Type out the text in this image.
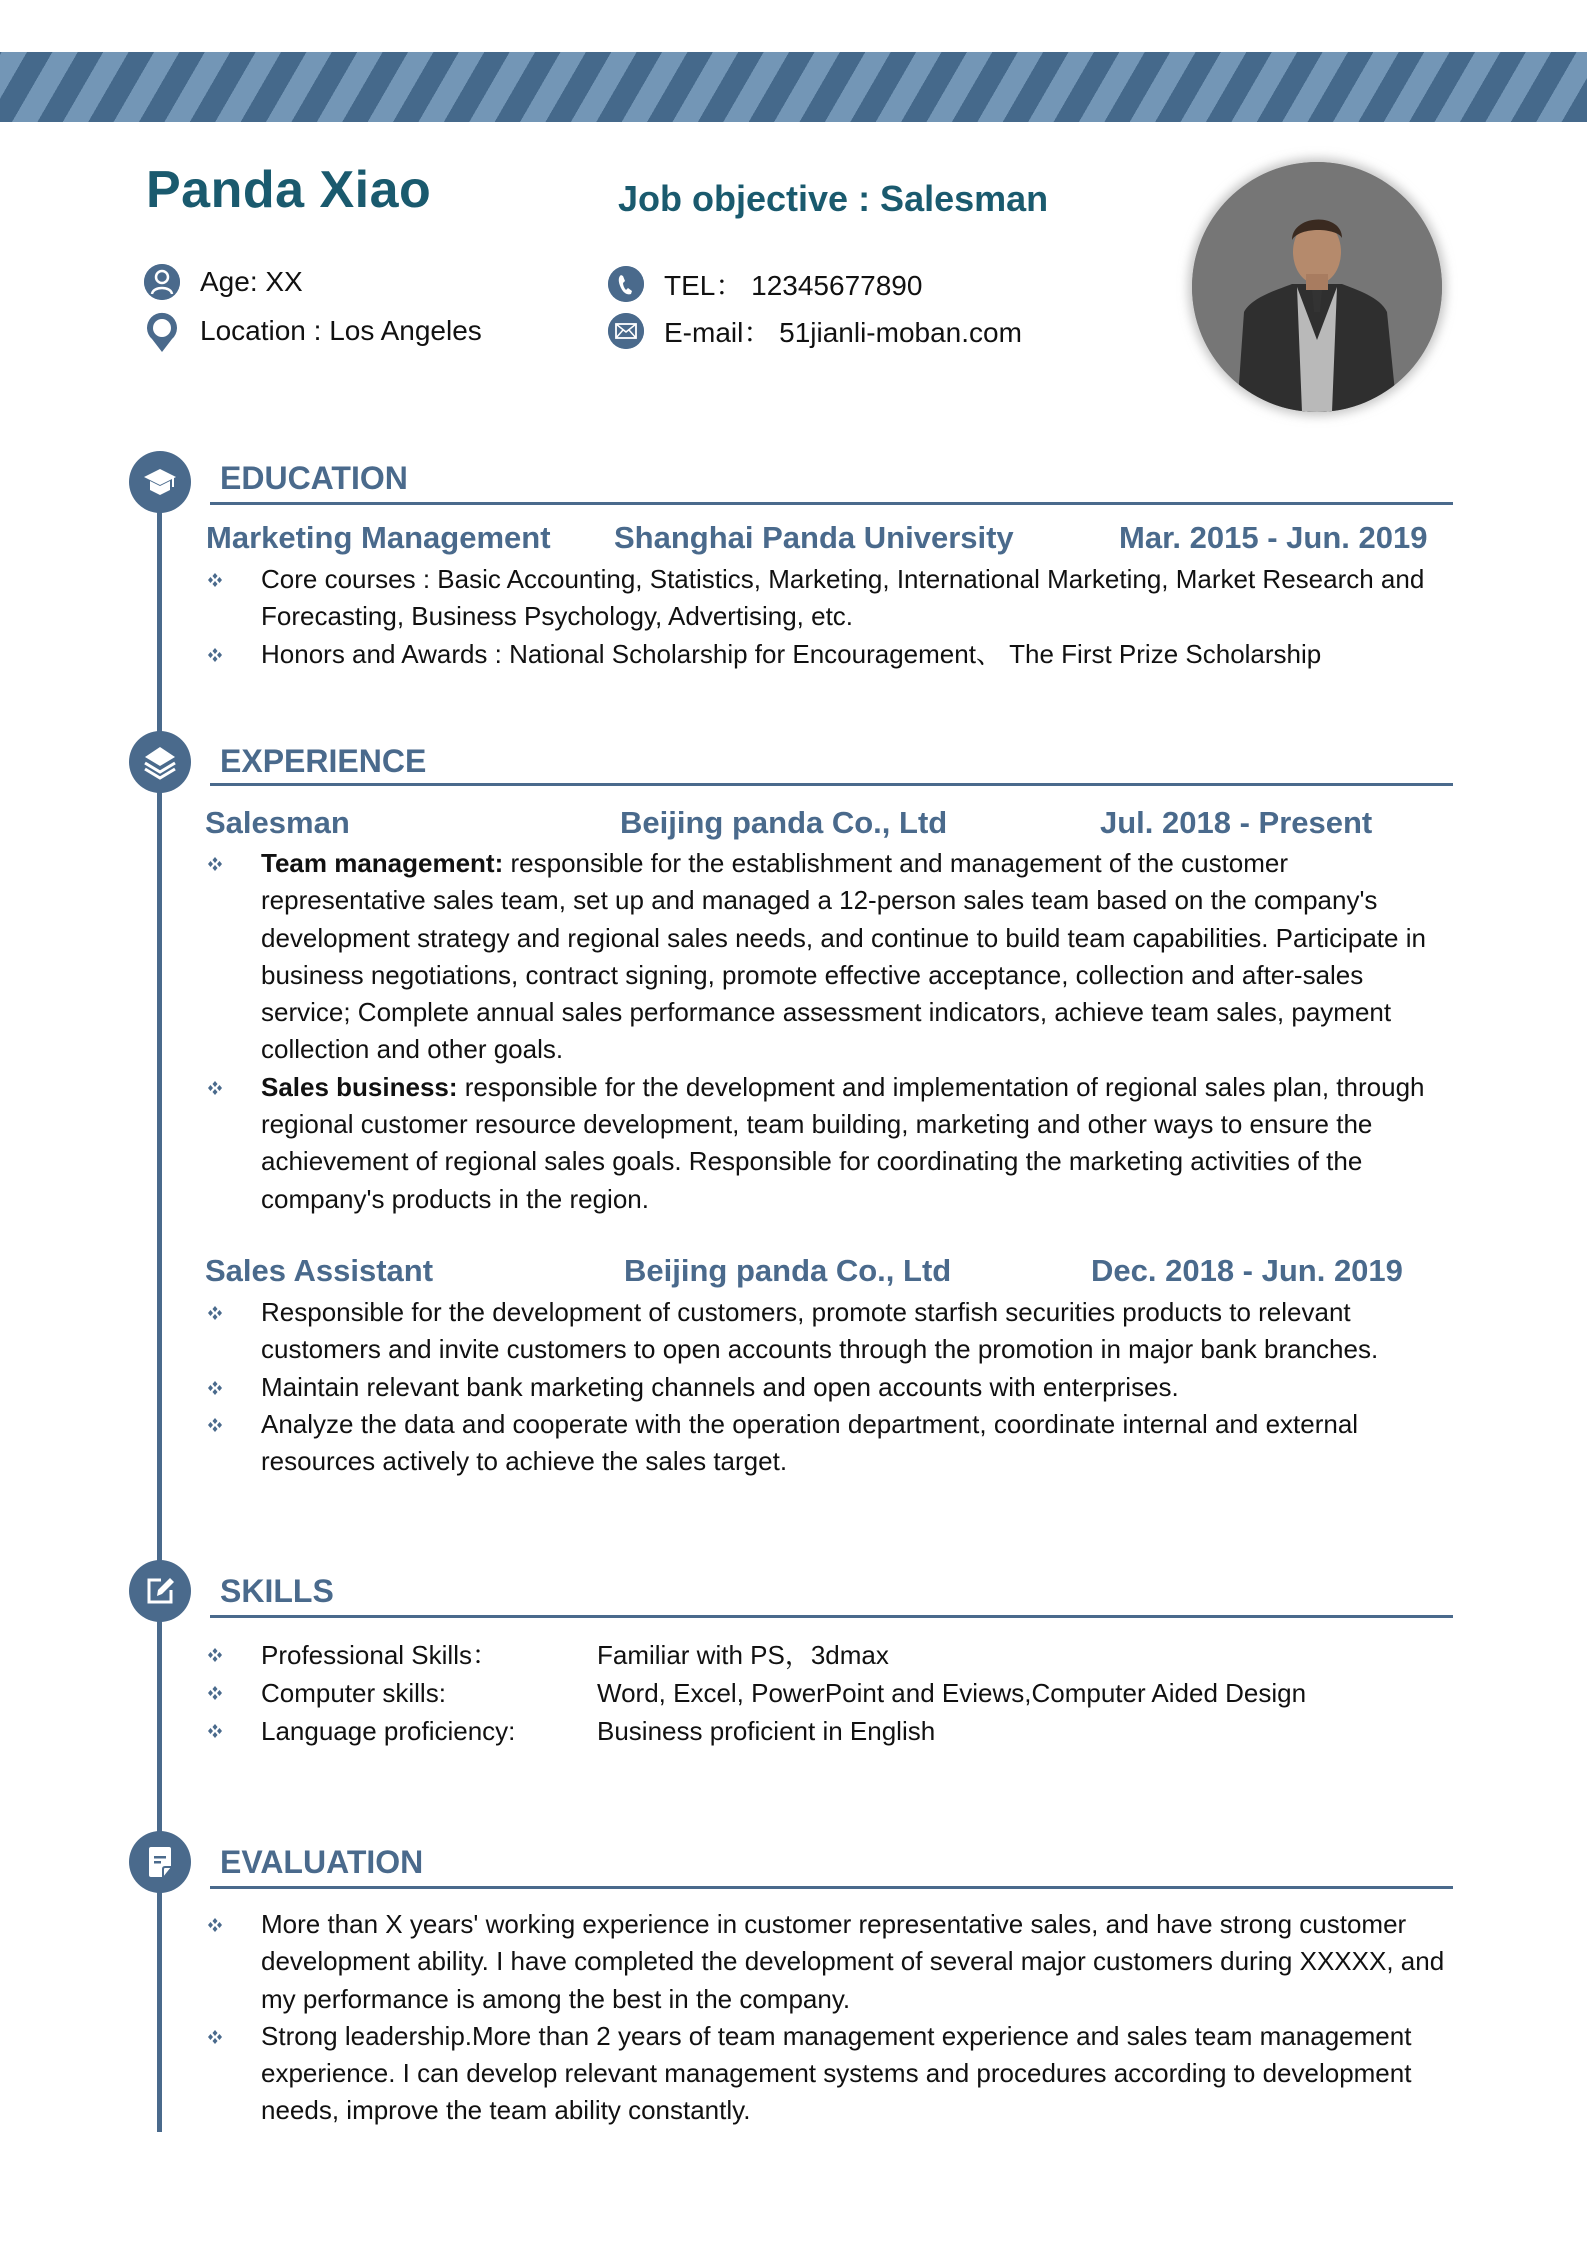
Panda Xiao	Job objective : Salesman
Age: XX
Location : Los Angeles
TEL： 12345677890
E-mail： 51jianli-moban.com
EDUCATION
Marketing Management Shanghai Panda University	Mar. 2015 - Jun. 2019
Core courses : Basic Accounting, Statistics, Marketing, International Marketing, Market Research and Forecasting, Business Psychology, Advertising, etc.
Honors and Awards : National Scholarship for Encouragement、 The First Prize Scholarship
EXPERIENCE
Salesman	Beijing panda Co., Ltd	Jul. 2018 - Present
Team management: responsible for the establishment and management of the customer representative sales team, set up and managed a 12-person sales team based on the company's development strategy and regional sales needs, and continue to build team capabilities. Participate in business negotiations, contract signing, promote effective acceptance, collection and after-sales service; Complete annual sales performance assessment indicators, achieve team sales, payment collection and other goals.
Sales business: responsible for the development and implementation of regional sales plan, through regional customer resource development, team building, marketing and other ways to ensure the achievement of regional sales goals. Responsible for coordinating the marketing activities of the company's products in the region.
Sales Assistant	Beijing panda Co., Ltd	Dec. 2018 - Jun. 2019
Responsible for the development of customers, promote starfish securities products to relevant customers and invite customers to open accounts through the promotion in major bank branches.
Maintain relevant bank marketing channels and open accounts with enterprises.
Analyze the data and cooperate with the operation department, coordinate internal and external resources actively to achieve the sales target.
SKILLS
Professional Skills：	Familiar with PS，3dmax
Computer skills:	Word, Excel, PowerPoint and Eviews,Computer Aided Design
Language proficiency:	Business proficient in English
EVALUATION
More than X years' working experience in customer representative sales, and have strong customer development ability. I have completed the development of several major customers during XXXXX, and my performance is among the best in the company.
Strong leadership.More than 2 years of team management experience and sales team management experience. I can develop relevant management systems and procedures according to development needs, improve the team ability constantly.
